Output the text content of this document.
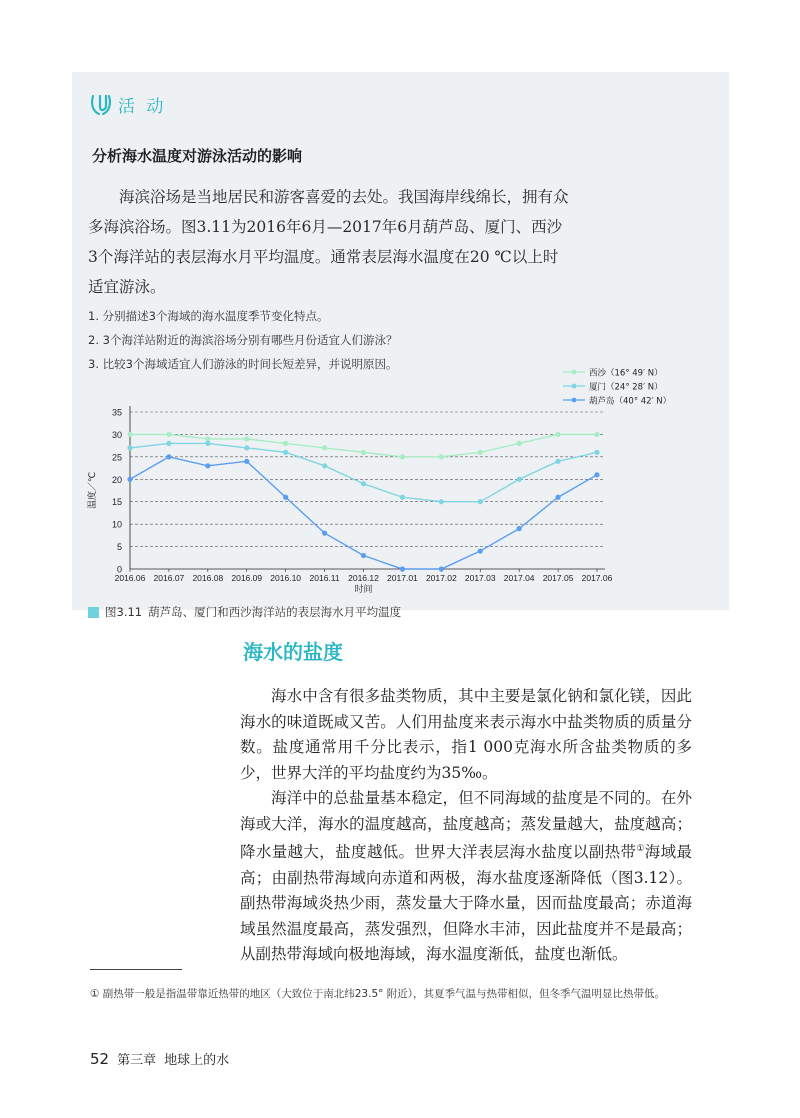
活 动
分析海水温度对游泳活动的影响
海滨浴场是当地居民和游客喜爱的去处。我国海岸线绵长，拥有众多海滨浴场。图3.11为2016年6月—2017年6月葫芦岛、厦门、西沙3个海洋站的表层海水月平均温度。通常表层海水温度在20 ℃以上时适宜游泳。
1. 分别描述3个海域的海水温度季节变化特点。
2. 3个海洋站附近的海滨浴场分别有哪些月份适宜人们游泳？
3. 比较3个海域适宜人们游泳的时间长短差异，并说明原因。
0
5
10
15
20
25
30
35
2016.06 2016.07 2016.08 2016.09 2016.10 2016.11 2016.12 2017.01 2017.02 2017.03 2017.04 2017.05 2017.06
时间
温度／℃
西沙（16° 49′ N）
厦门（24° 28′ N）
葫芦岛（40° 42′ N）
图3.11 葫芦岛、厦门和西沙海洋站的表层海水月平均温度
海水的盐度
海水中含有很多盐类物质，其中主要是氯化钠和氯化镁，因此海水的味道既咸又苦。人们用盐度来表示海水中盐类物质的质量分数。盐度通常用千分比表示，指1 000克海水所含盐类物质的多少，世界大洋的平均盐度约为35‰。
海洋中的总盐量基本稳定，但不同海域的盐度是不同的。在外海或大洋，海水的温度越高，盐度越高；蒸发量越大，盐度越高；降水量越大，盐度越低。世界大洋表层海水盐度以副热带①海域最高；由副热带海域向赤道和两极，海水盐度逐渐降低（图3.12）。副热带海域炎热少雨，蒸发量大于降水量，因而盐度最高；赤道海域虽然温度最高，蒸发强烈，但降水丰沛，因此盐度并不是最高；从副热带海域向极地海域，海水温度渐低，盐度也渐低。
① 副热带一般是指温带靠近热带的地区（大致位于南北纬23.5° 附近），其夏季气温与热带相似，但冬季气温明显比热带低。
52 第三章 地球上的水
